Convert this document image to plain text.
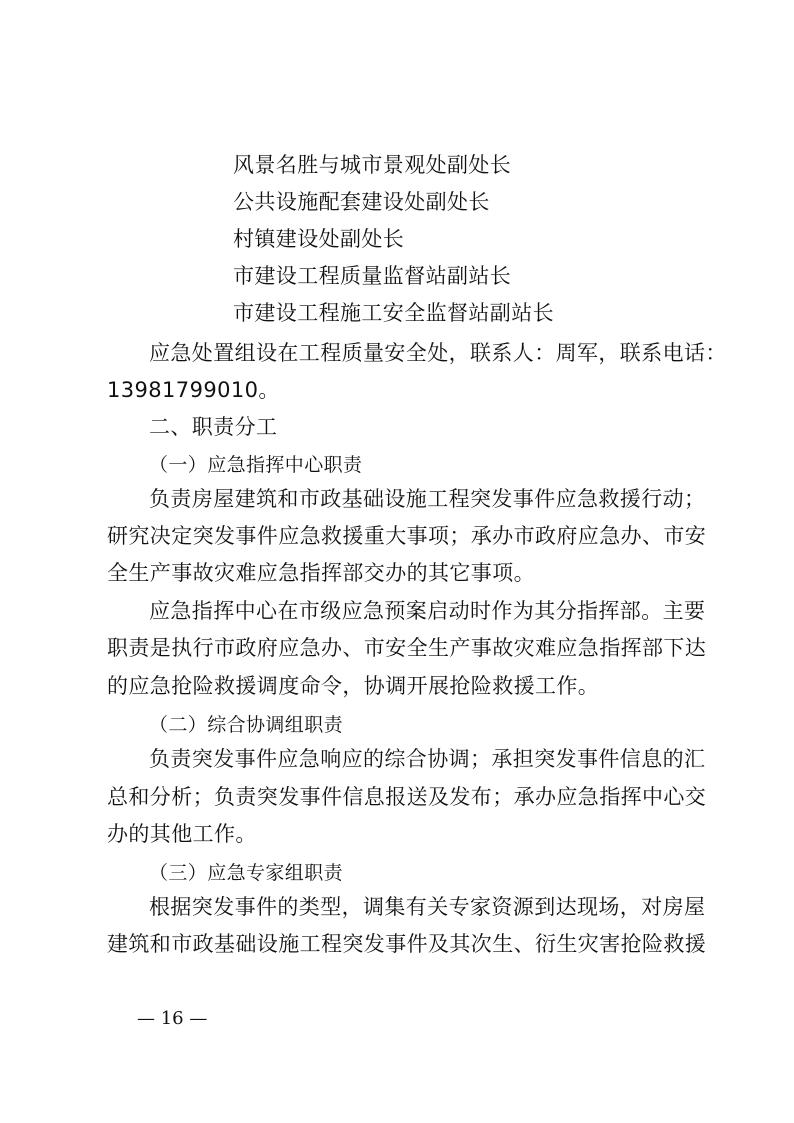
风景名胜与城市景观处副处长
公共设施配套建设处副处长
村镇建设处副处长
市建设工程质量监督站副站长
市建设工程施工安全监督站副站长
应急处置组设在工程质量安全处，联系人：周军，联系电话：
13981799010。
二、职责分工
（一）应急指挥中心职责
负责房屋建筑和市政基础设施工程突发事件应急救援行动；
研究决定突发事件应急救援重大事项；承办市政府应急办、市安
全生产事故灾难应急指挥部交办的其它事项。
应急指挥中心在市级应急预案启动时作为其分指挥部。主要
职责是执行市政府应急办、市安全生产事故灾难应急指挥部下达
的应急抢险救援调度命令，协调开展抢险救援工作。
（二）综合协调组职责
负责突发事件应急响应的综合协调；承担突发事件信息的汇
总和分析；负责突发事件信息报送及发布；承办应急指挥中心交
办的其他工作。
（三）应急专家组职责
根据突发事件的类型，调集有关专家资源到达现场，对房屋
建筑和市政基础设施工程突发事件及其次生、衍生灾害抢险救援
— 16 —
